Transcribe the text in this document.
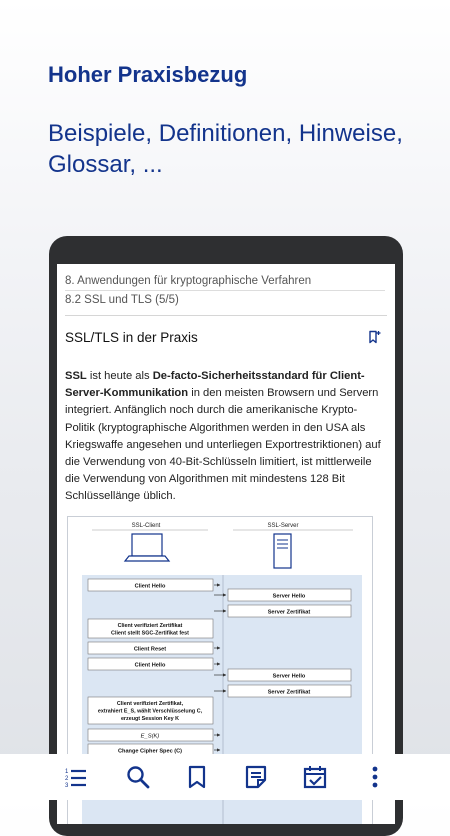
Hoher Praxisbezug
Beispiele, Definitionen, Hinweise, Glossar, ...
8. Anwendungen für kryptographische Verfahren
8.2 SSL und TLS (5/5)
SSL/TLS in der Praxis
SSL ist heute als De-facto-Sicherheitsstandard für Client-Server-Kommunikation in den meisten Browsern und Servern integriert. Anfänglich noch durch die amerikanische Krypto-Politik (kryptographische Algorithmen werden in den USA als Kriegswaffe angesehen und unterliegen Exportrestriktionen) auf die Verwendung von 40-Bit-Schlüsseln limitiert, ist mittlerweile die Verwendung von Algorithmen mit mindestens 128 Bit Schlüssellänge üblich.
SSL-Client	SSL-Server
Client Hello
Server Hello
Server Zertifikat
Client verifiziert Zertifikat
Client stellt SGC-Zertifikat fest
Client Reset
Client Hello
Server Hello
Server Zertifikat
Client verifiziert Zertifikat,
extrahiert E_S, wählt Verschlüsselung C,
erzeugt Session Key K
E_S(K)
Change Cipher Spec (C)
1
2
3
